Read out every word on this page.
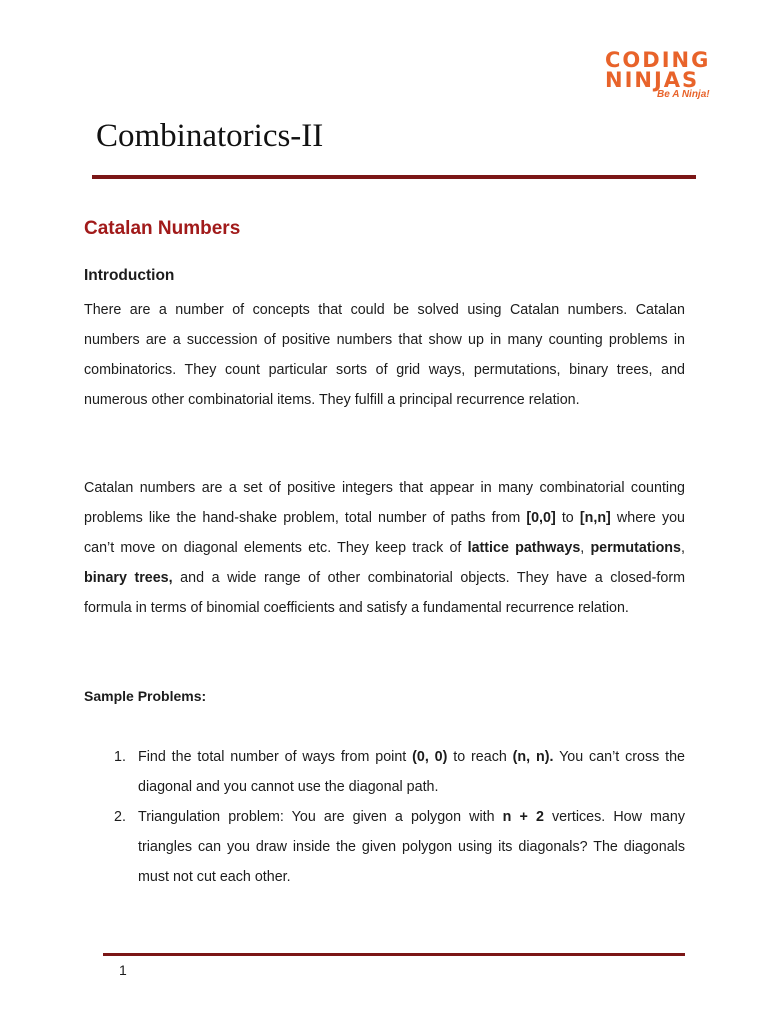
CODING
NINJAS
Be A Ninja!
Combinatorics-II
Catalan Numbers
Introduction

There are a number of concepts that could be solved using Catalan numbers. Catalan numbers are a succession of positive numbers that show up in many counting problems in combinatorics. They count particular sorts of grid ways, permutations, binary trees, and numerous other combinatorial items. They fulfill a principal recurrence relation.

Catalan numbers are a set of positive integers that appear in many combinatorial counting problems like the hand-shake problem, total number of paths from [0,0] to [n,n] where you can’t move on diagonal elements etc. They keep track of lattice pathways, permutations, binary trees, and a wide range of other combinatorial objects. They have a closed-form formula in terms of binomial coefficients and satisfy a fundamental recurrence relation.

Sample Problems:
1. Find the total number of ways from point (0, 0) to reach (n, n). You can’t cross the diagonal and you cannot use the diagonal path.
2. Triangulation problem: You are given a polygon with n + 2 vertices. How many triangles can you draw inside the given polygon using its diagonals? The diagonals must not cut each other.
1
